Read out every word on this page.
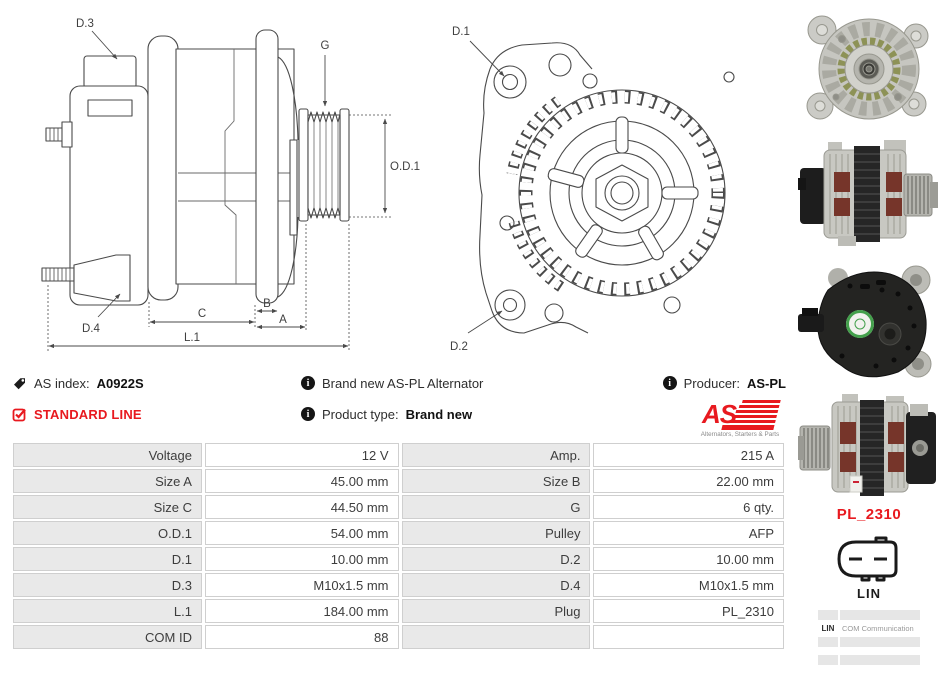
D.3
G
O.D.1
D.4
C
B
A
L.1
D.1
D.2
PL_2310
LIN

LIN	COM Communication

AS index: A0922S
STANDARD LINE
i Brand new AS-PL Alternator
i Product type: Brand new
i Producer: AS-PL
AS
Alternators, Starters & Parts
Voltage	12 V	Amp.	215 A
Size A	45.00 mm	Size B	22.00 mm
Size C	44.50 mm	G	6 qty.
O.D.1	54.00 mm	Pulley	AFP
D.1	10.00 mm	D.2	10.00 mm
D.3	M10x1.5 mm	D.4	M10x1.5 mm
L.1	184.00 mm	Plug	PL_2310
COM ID	88		
